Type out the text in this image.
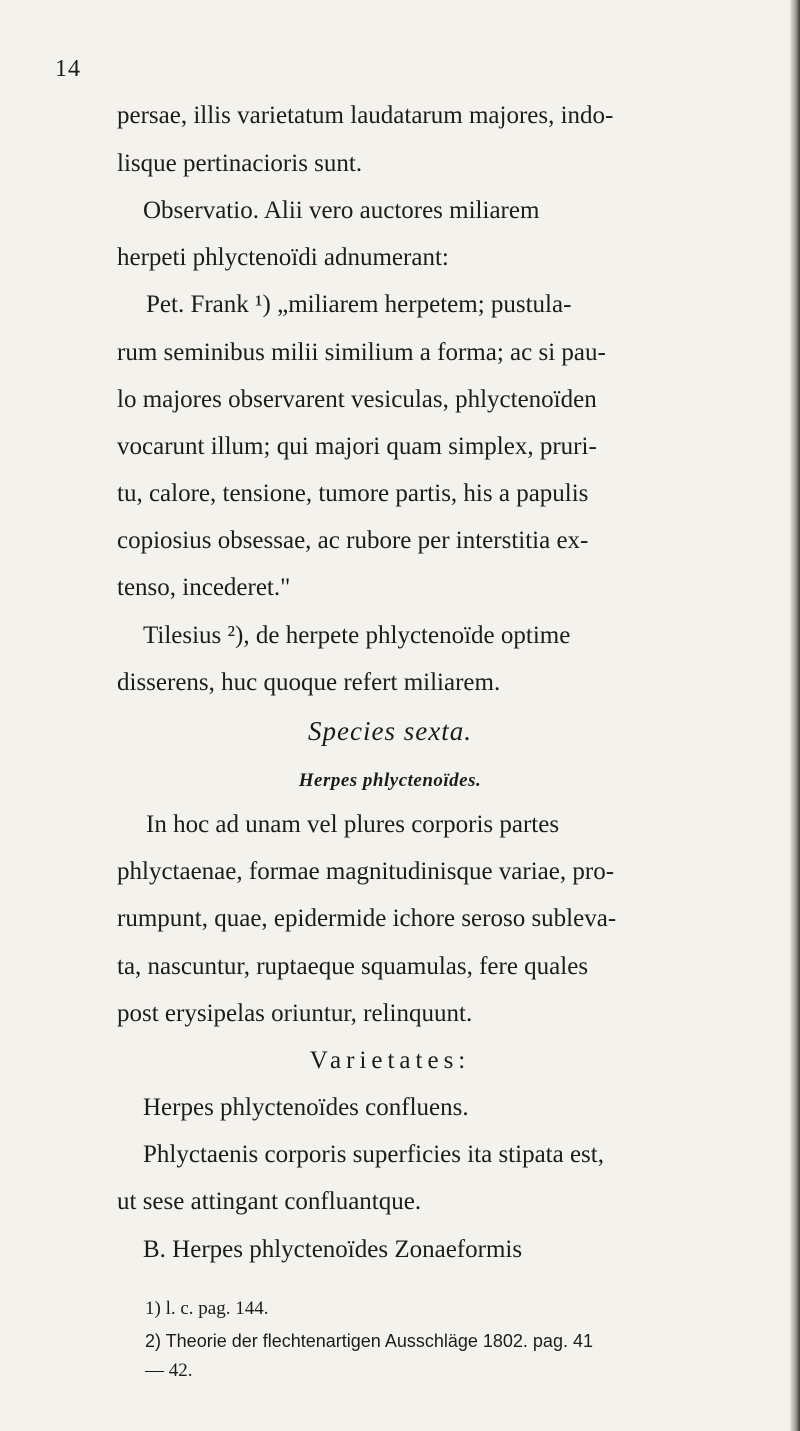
14
persae, illis varietatum laudatarum majores, indo-
lisque pertinacioris sunt.
Observatio. Alii vero auctores miliarem
herpeti phlyctenoïdi adnumerant:
Pet. Frank ¹) „miliarem herpetem; pustula-
rum seminibus milii similium a forma; ac si pau-
lo majores observarent vesiculas, phlyctenoïden
vocarunt illum; qui majori quam simplex, pruri-
tu, calore, tensione, tumore partis, his a papulis
copiosius obsessae, ac rubore per interstitia ex-
tenso, incederet."
Tilesius ²), de herpete phlyctenoïde optime
disserens, huc quoque refert miliarem.
Species sexta.
Herpes phlyctenoïdes.
In hoc ad unam vel plures corporis partes
phlyctaenae, formae magnitudinisque variae, pro-
rumpunt, quae, epidermide ichore seroso subleva-
ta, nascuntur, ruptaeque squamulas, fere quales
post erysipelas oriuntur, relinquunt.
Varietates:
Herpes phlyctenoïdes confluens.
Phlyctaenis corporis superficies ita stipata est,
ut sese attingant confluantque.
B. Herpes phlyctenoïdes Zonaeformis
1) l. c. pag. 144.
2) Theorie der flechtenartigen Ausschläge 1802. pag. 41
— 42.
